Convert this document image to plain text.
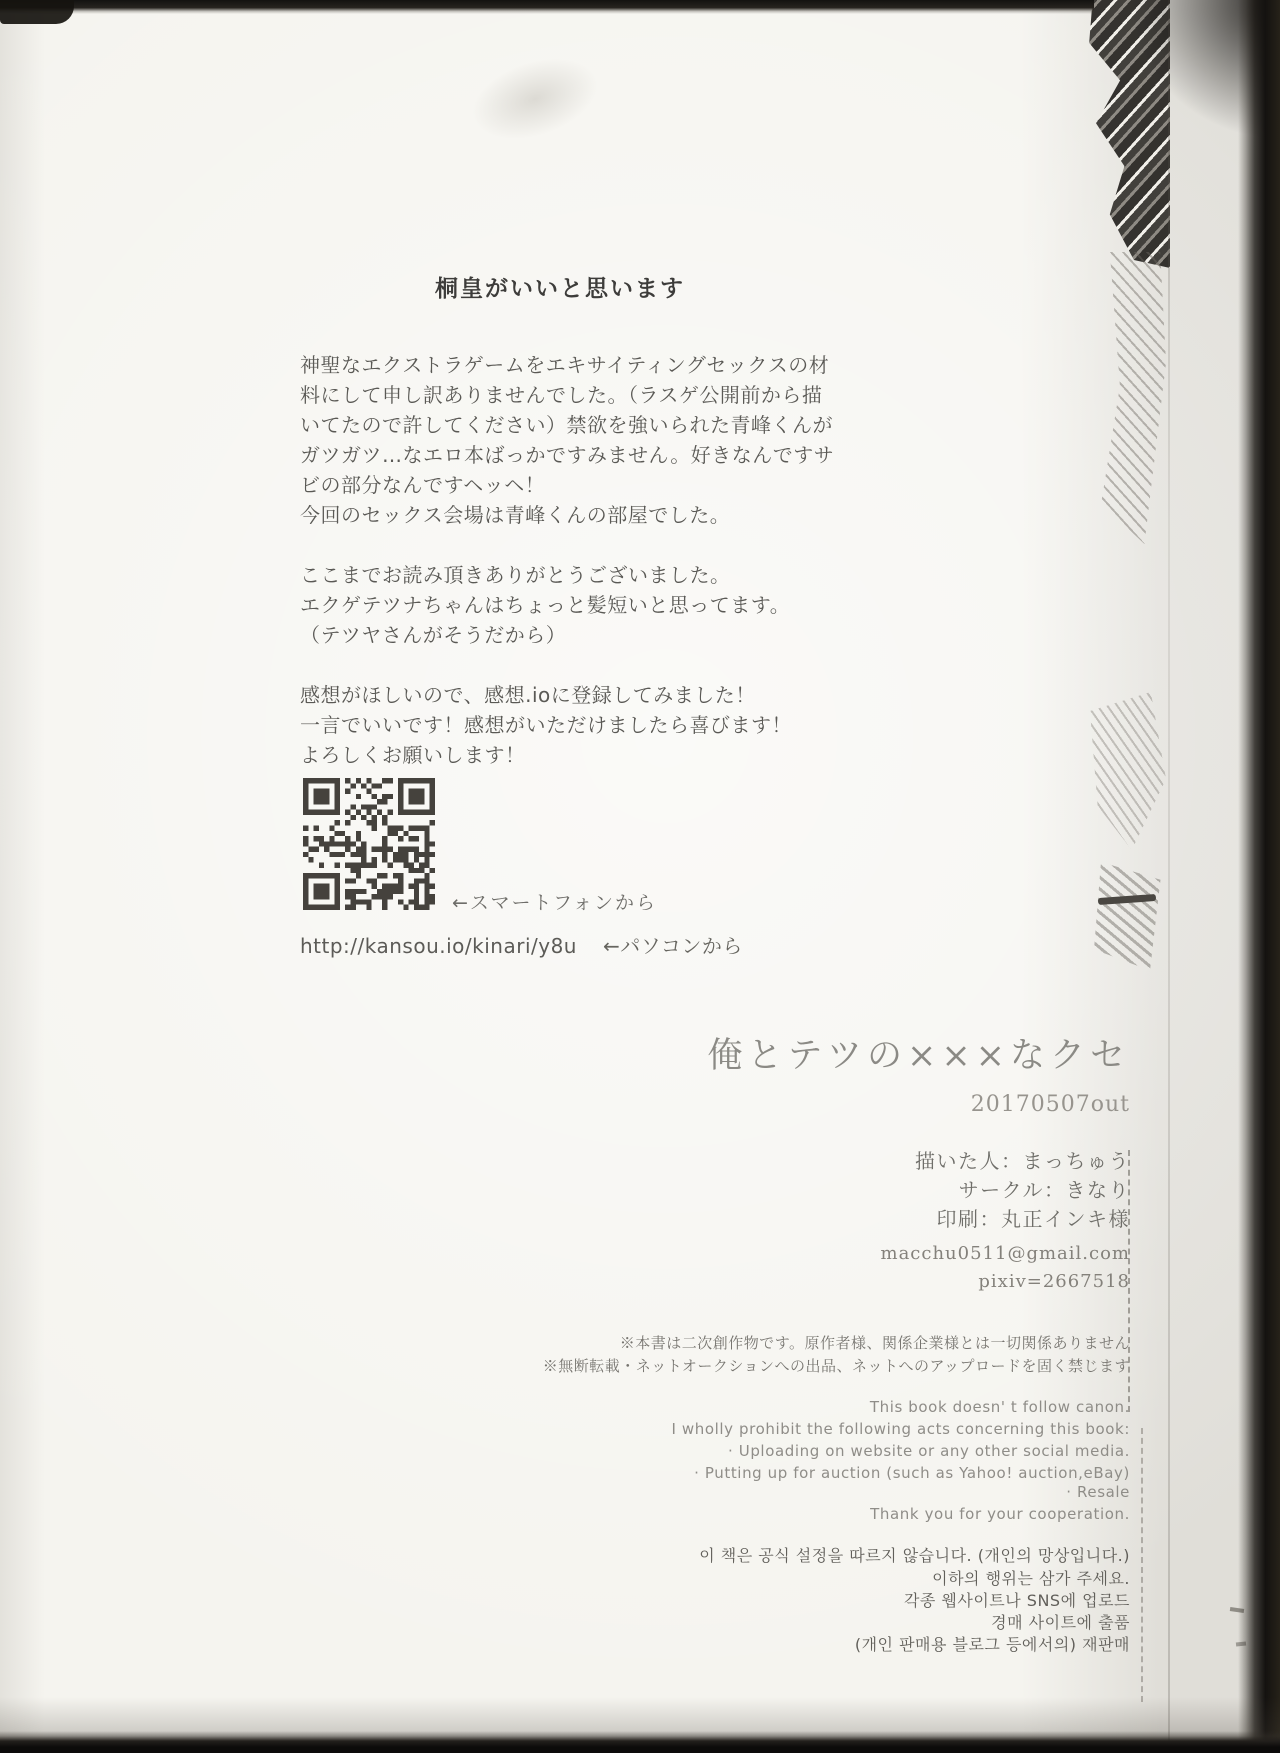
桐皇がいいと思います
神聖なエクストラゲームをエキサイティングセックスの材
料にして申し訳ありませんでした。（ラスゲ公開前から描
いてたので許してください）禁欲を強いられた青峰くんが
ガツガツ…なエロ本ばっかですみません。好きなんですサ
ビの部分なんですヘッヘ！
今回のセックス会場は青峰くんの部屋でした。
ここまでお読み頂きありがとうございました。
エクゲテツナちゃんはちょっと髪短いと思ってます。
（テツヤさんがそうだから）
感想がほしいので、感想.ioに登録してみました！
一言でいいです！感想がいただけましたら喜びます！
よろしくお願いします！
←スマートフォンから
http://kansou.io/kinari/y8u ←パソコンから
俺とテツの×××なクセ
20170507out
描いた人：まっちゅう
サークル：きなり
印刷：丸正インキ様
macchu0511@gmail.com
pixiv=2667518
※本書は二次創作物です。原作者様、関係企業様とは一切関係ありません
※無断転載・ネットオークションへの出品、ネットへのアップロードを固く禁じます
This book doesn' t follow canon.
I wholly prohibit the following acts concerning this book:
· Uploading on website or any other social media.
· Putting up for auction (such as Yahoo! auction,eBay)
· Resale
Thank you for your cooperation.
이 책은 공식 설정을 따르지 않습니다. (개인의 망상입니다.)
이하의 행위는 삼가 주세요.
각종 웹사이트나 SNS에 업로드
경매 사이트에 출품
(개인 판매용 블로그 등에서의) 재판매
